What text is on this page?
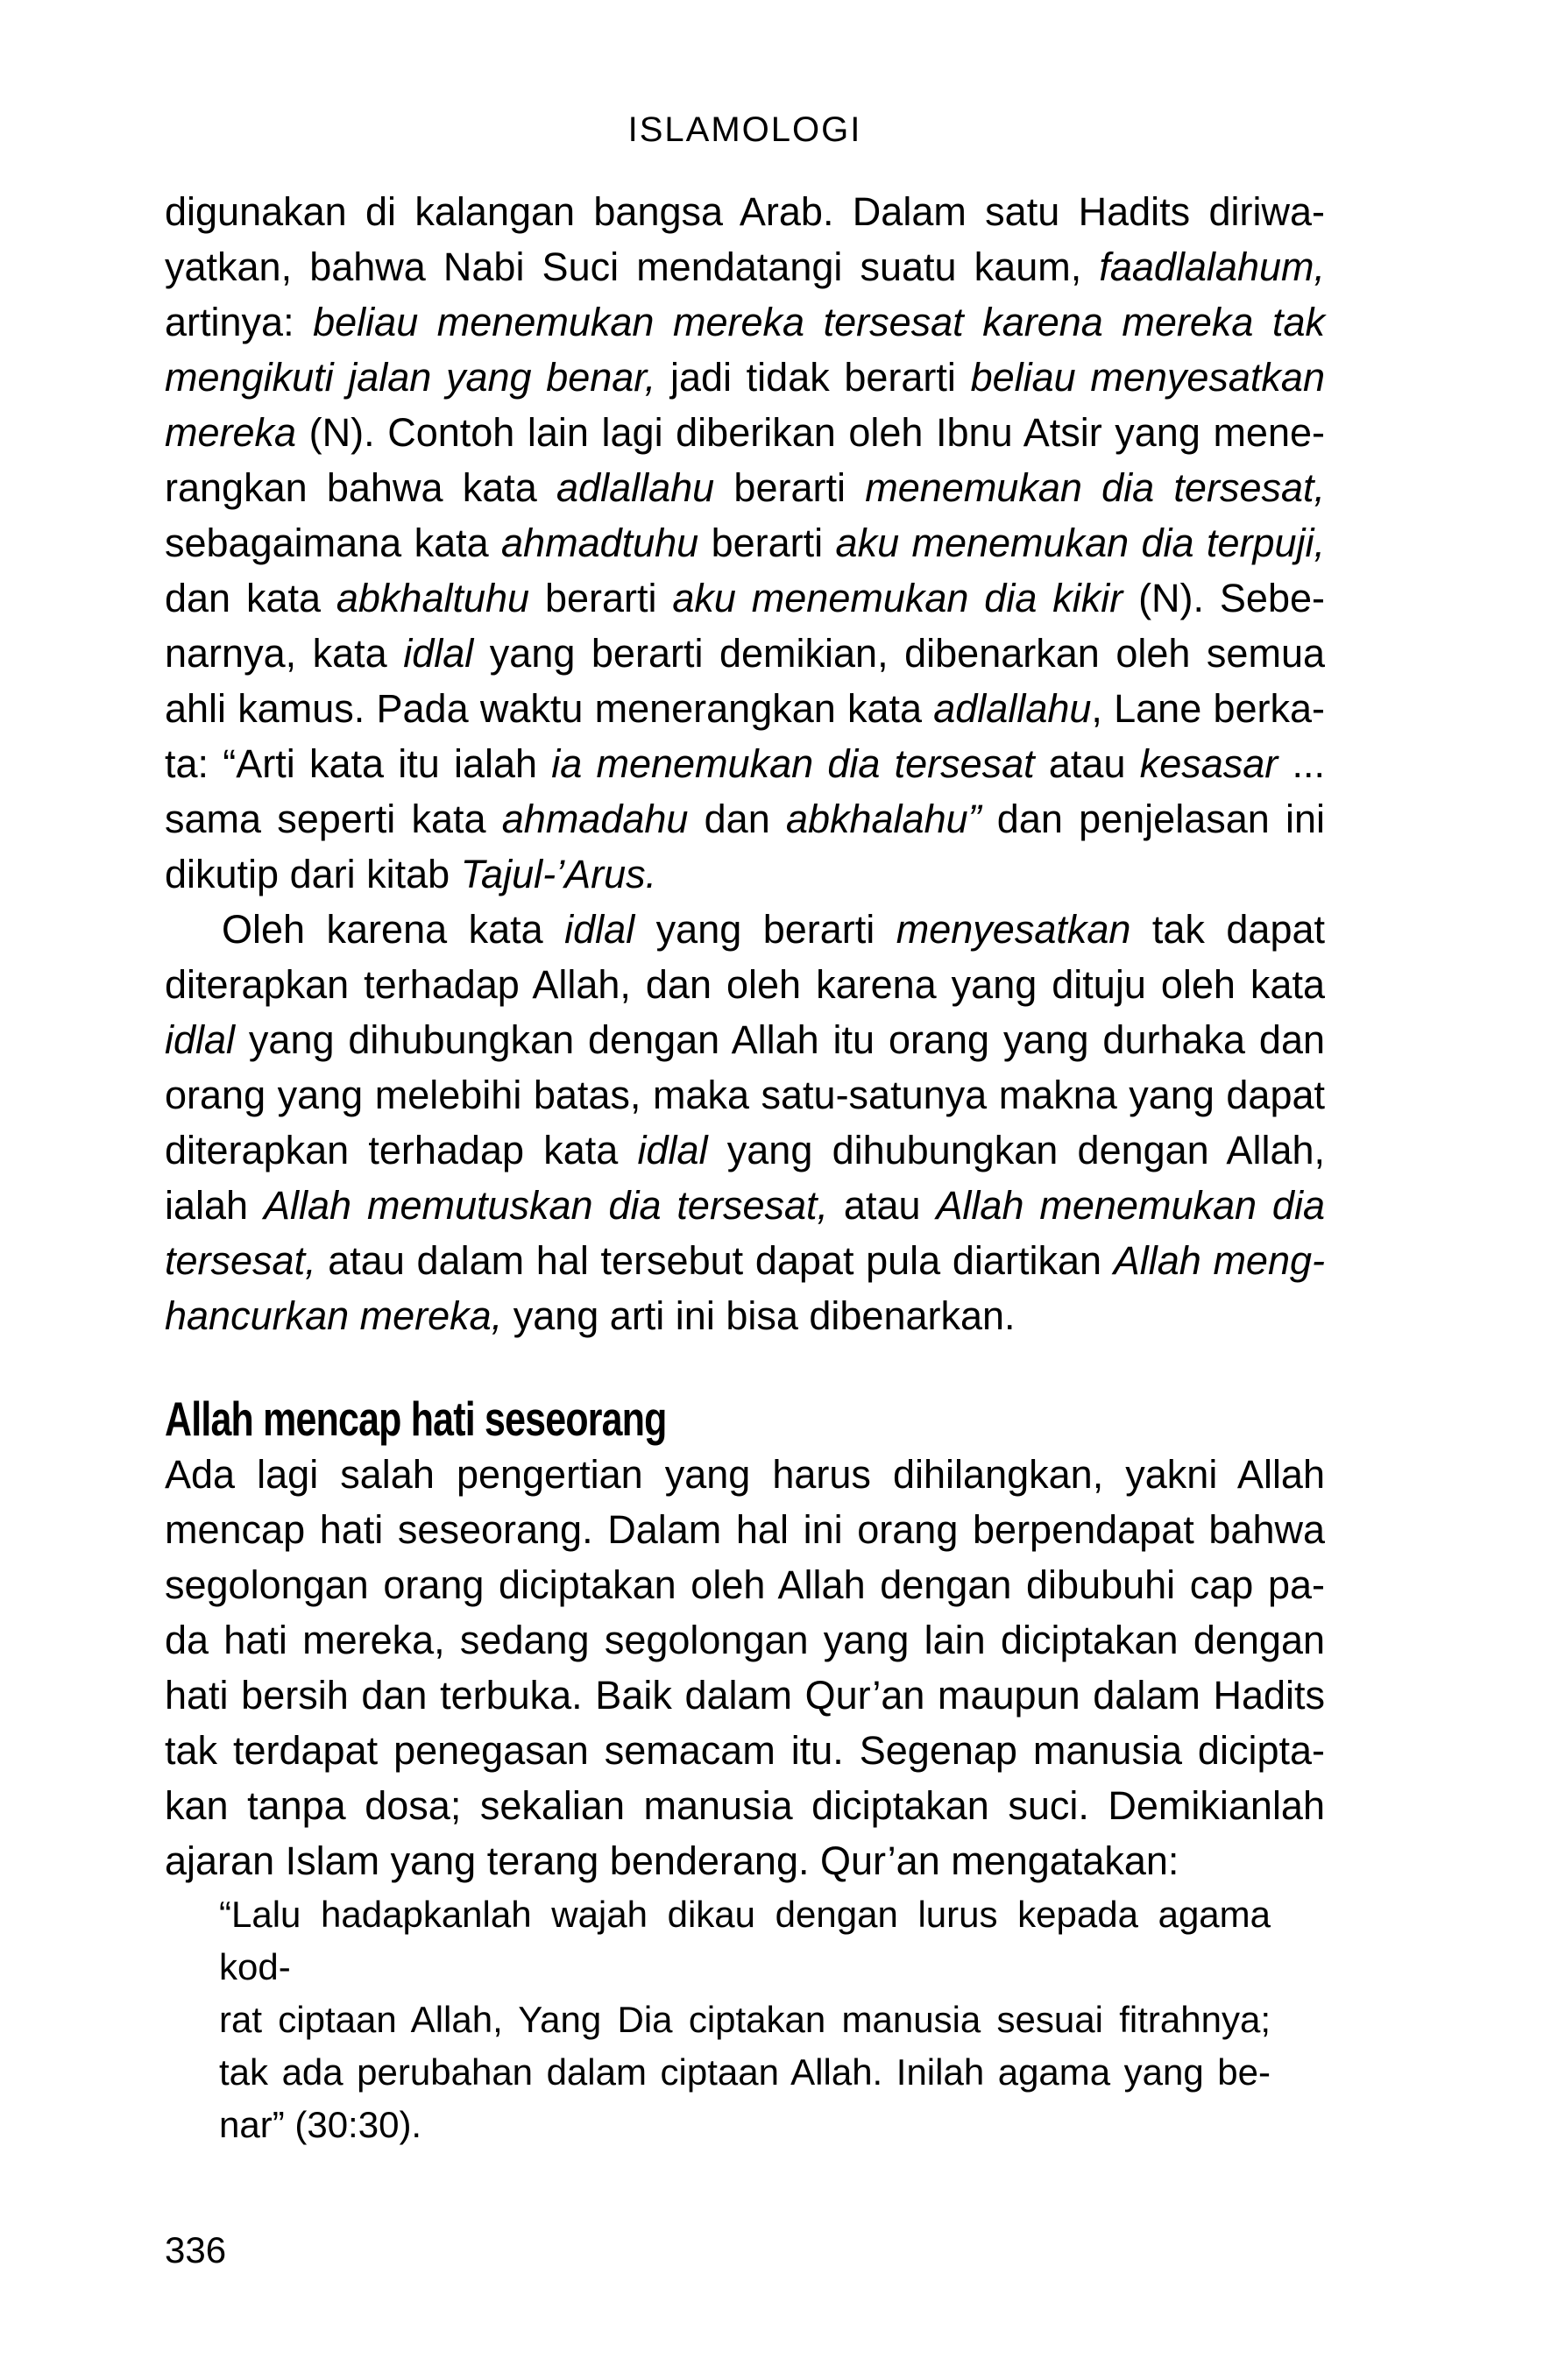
ISLAMOLOGI
digunakan di kalangan bangsa Arab. Dalam satu Hadits diriwa-
yatkan, bahwa Nabi Suci mendatangi suatu kaum, faadlalahum,
artinya: beliau menemukan mereka tersesat karena mereka tak
mengikuti jalan yang benar, jadi tidak berarti beliau menyesatkan
mereka (N). Contoh lain lagi diberikan oleh Ibnu Atsir yang mene-
rangkan bahwa kata adlallahu berarti menemukan dia tersesat,
sebagaimana kata ahmadtuhu berarti aku menemukan dia terpuji,
dan kata abkhaltuhu berarti aku menemukan dia kikir (N). Sebe-
narnya, kata idlal yang berarti demikian, dibenarkan oleh semua
ahli kamus. Pada waktu menerangkan kata adlallahu, Lane berka-
ta: “Arti kata itu ialah ia menemukan dia tersesat atau kesasar ...
sama seperti kata ahmadahu dan abkhalahu” dan penjelasan ini
dikutip dari kitab Tajul-’Arus.
Oleh karena kata idlal yang berarti menyesatkan tak dapat
diterapkan terhadap Allah, dan oleh karena yang dituju oleh kata
idlal yang dihubungkan dengan Allah itu orang yang durhaka dan
orang yang melebihi batas, maka satu-satunya makna yang dapat
diterapkan terhadap kata idlal yang dihubungkan dengan Allah,
ialah Allah memutuskan dia tersesat, atau Allah menemukan dia
tersesat, atau dalam hal tersebut dapat pula diartikan Allah meng-
hancurkan mereka, yang arti ini bisa dibenarkan.
Allah mencap hati seseorang
Ada lagi salah pengertian yang harus dihilangkan, yakni Allah
mencap hati seseorang. Dalam hal ini orang berpendapat bahwa
segolongan orang diciptakan oleh Allah dengan dibubuhi cap pa-
da hati mereka, sedang segolongan yang lain diciptakan dengan
hati bersih dan terbuka. Baik dalam Qur’an maupun dalam Hadits
tak terdapat penegasan semacam itu. Segenap manusia dicipta-
kan tanpa dosa; sekalian manusia diciptakan suci. Demikianlah
ajaran Islam yang terang benderang. Qur’an mengatakan:
“Lalu hadapkanlah wajah dikau dengan lurus kepada agama kod-
rat ciptaan Allah, Yang Dia ciptakan manusia sesuai fitrahnya;
tak ada perubahan dalam ciptaan Allah. Inilah agama yang be-
nar” (30:30).
336
